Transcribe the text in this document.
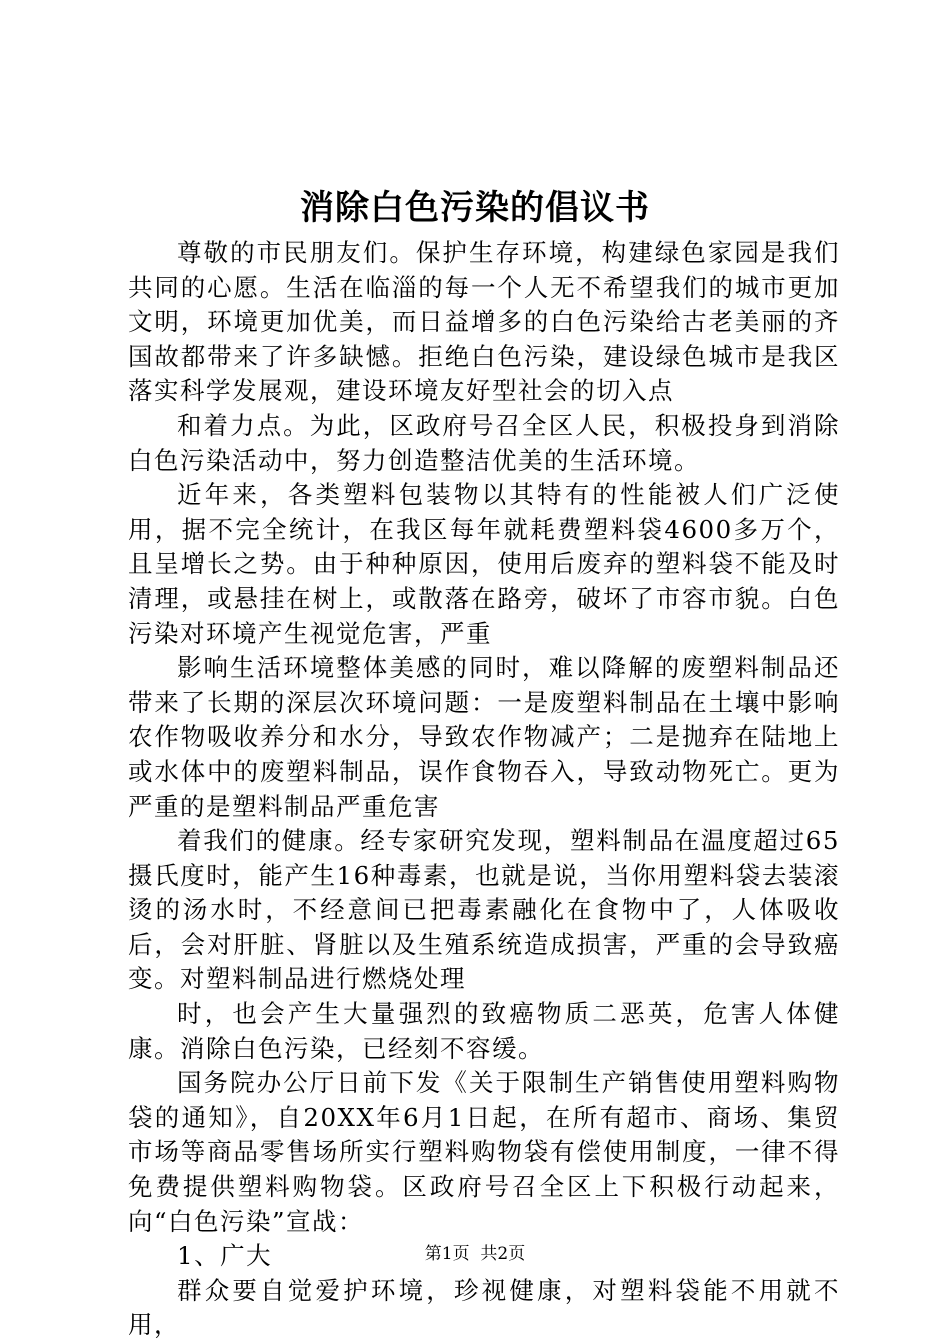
消除白色污染的倡议书

尊敬的市民朋友们。保护生存环境，构建绿色家园是我们共同的心愿。生活在临淄的每一个人无不希望我们的城市更加文明，环境更加优美，而日益增多的白色污染给古老美丽的齐国故都带来了许多缺憾。拒绝白色污染，建设绿色城市是我区落实科学发展观，建设环境友好型社会的切入点

和着力点。为此，区政府号召全区人民，积极投身到消除白色污染活动中，努力创造整洁优美的生活环境。

近年来，各类塑料包装物以其特有的性能被人们广泛使用，据不完全统计，在我区每年就耗费塑料袋4600多万个，且呈增长之势。由于种种原因，使用后废弃的塑料袋不能及时清理，或悬挂在树上，或散落在路旁，破坏了市容市貌。白色污染对环境产生视觉危害，严重

影响生活环境整体美感的同时，难以降解的废塑料制品还带来了长期的深层次环境问题：一是废塑料制品在土壤中影响农作物吸收养分和水分，导致农作物减产；二是抛弃在陆地上或水体中的废塑料制品，误作食物吞入，导致动物死亡。更为严重的是塑料制品严重危害

着我们的健康。经专家研究发现，塑料制品在温度超过65摄氏度时，能产生16种毒素，也就是说，当你用塑料袋去装滚烫的汤水时，不经意间已把毒素融化在食物中了，人体吸收后，会对肝脏、肾脏以及生殖系统造成损害，严重的会导致癌变。对塑料制品进行燃烧处理

时，也会产生大量强烈的致癌物质二恶英，危害人体健康。消除白色污染，已经刻不容缓。

国务院办公厅日前下发《关于限制生产销售使用塑料购物袋的通知》，自20XX年6月1日起，在所有超市、商场、集贸市场等商品零售场所实行塑料购物袋有偿使用制度，一律不得免费提供塑料购物袋。区政府号召全区上下积极行动起来，向“白色污染”宣战：

1、广大

群众要自觉爱护环境，珍视健康，对塑料袋能不用就不用，

第1页  共2页
